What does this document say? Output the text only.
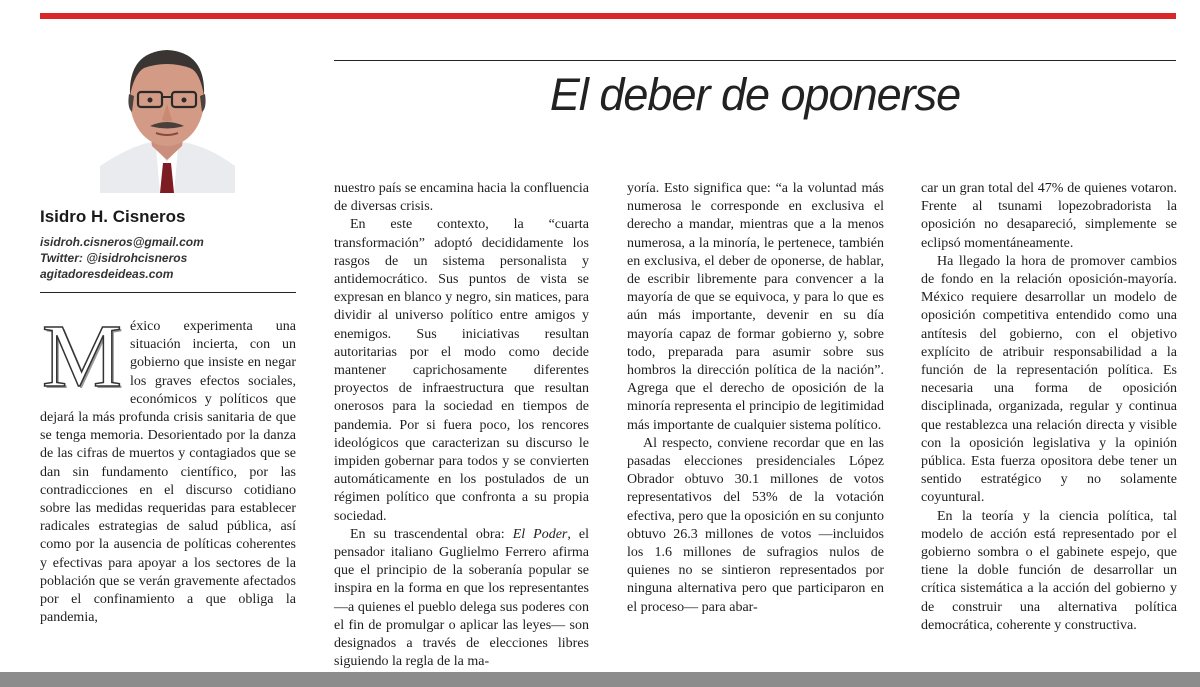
Isidro H. Cisneros
isidroh.cisneros@gmail.com
Twitter: @isidrohcisneros
agitadoresdeideas.com
El deber de oponerse

México experimenta una situación incierta, con un gobierno que insiste en negar los graves efectos sociales, económicos y políticos que dejará la más profunda crisis sanitaria de que se tenga memoria. Desorientado por la danza de las cifras de muertos y contagiados que se dan sin fundamento científico, por las contradicciones en el discurso cotidiano sobre las medidas requeridas para establecer radicales estrategias de salud pública, así como por la ausencia de políticas coherentes y efectivas para apoyar a los sectores de la población que se verán gravemente afectados por el confinamiento a que obliga la pandemia,

nuestro país se encamina hacia la confluencia de diversas crisis.

En este contexto, la “cuarta transformación” adoptó decididamente los rasgos de un sistema personalista y antidemocrático. Sus puntos de vista se expresan en blanco y negro, sin matices, para dividir al universo político entre amigos y enemigos. Sus iniciativas resultan autoritarias por el modo como decide mantener caprichosamente diferentes proyectos de infraestructura que resultan onerosos para la sociedad en tiempos de pandemia. Por si fuera poco, los rencores ideológicos que caracterizan su discurso le impiden gobernar para todos y se convierten automáticamente en los postulados de un régimen político que confronta a su propia sociedad.

En su trascendental obra: El Poder, el pensador italiano Guglielmo Ferrero afirma que el principio de la soberanía popular se inspira en la forma en que los representantes —a quienes el pueblo delega sus poderes con el fin de promulgar o aplicar las leyes— son designados a través de elecciones libres siguiendo la regla de la ma-

yoría. Esto significa que: “a la voluntad más numerosa le corresponde en exclusiva el derecho a mandar, mientras que a la menos numerosa, a la minoría, le pertenece, también en exclusiva, el deber de oponerse, de hablar, de escribir libremente para convencer a la mayoría de que se equivoca, y para lo que es aún más importante, devenir en su día mayoría capaz de formar gobierno y, sobre todo, preparada para asumir sobre sus hombros la dirección política de la nación”. Agrega que el derecho de oposición de la minoría representa el principio de legitimidad más importante de cualquier sistema político.

Al respecto, conviene recordar que en las pasadas elecciones presidenciales López Obrador obtuvo 30.1 millones de votos representativos del 53% de la votación efectiva, pero que la oposición en su conjunto obtuvo 26.3 millones de votos —incluidos los 1.6 millones de sufragios nulos de quienes no se sintieron representados por ninguna alternativa pero que participaron en el proceso— para abar-

car un gran total del 47% de quienes votaron. Frente al tsunami lopezobradorista la oposición no desapareció, simplemente se eclipsó momentáneamente.

Ha llegado la hora de promover cambios de fondo en la relación oposición-mayoría. México requiere desarrollar un modelo de oposición competitiva entendido como una antítesis del gobierno, con el objetivo explícito de atribuir responsabilidad a la función de la representación política. Es necesaria una forma de oposición disciplinada, organizada, regular y continua que restablezca una relación directa y visible con la oposición legislativa y la opinión pública. Esta fuerza opositora debe tener un sentido estratégico y no solamente coyuntural.

En la teoría y la ciencia política, tal modelo de acción está representado por el gobierno sombra o el gabinete espejo, que tiene la doble función de desarrollar un crítica sistemática a la acción del gobierno y de construir una alternativa política democrática, coherente y constructiva.
